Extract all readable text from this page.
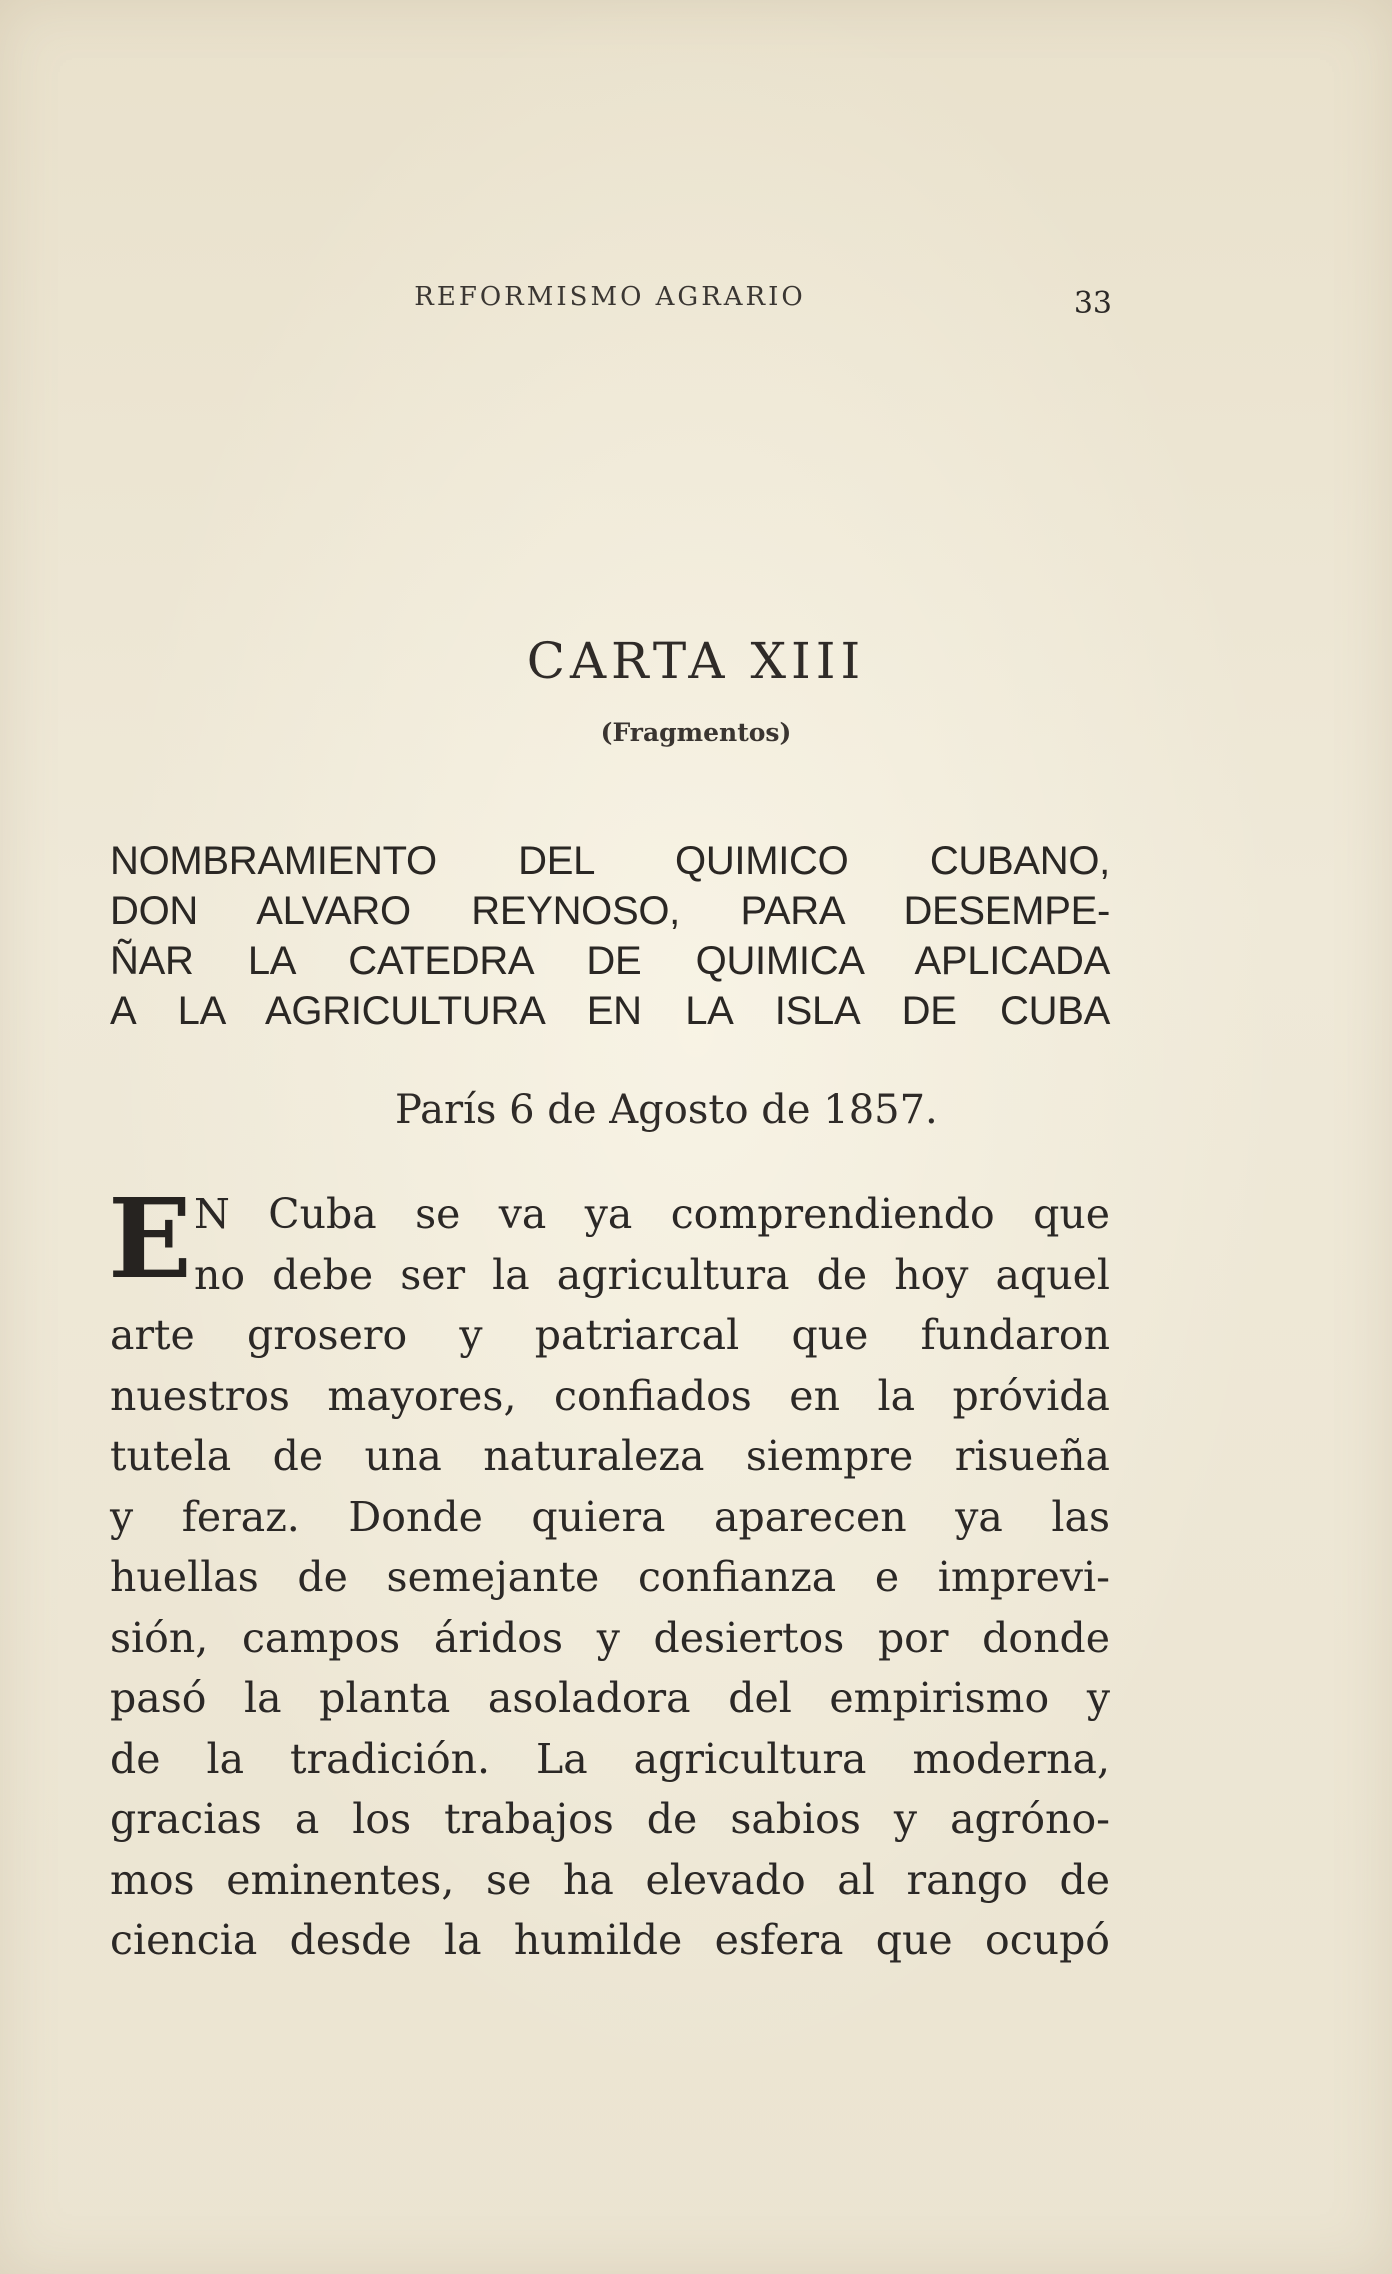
REFORMISMO AGRARIO	33
CARTA XIII
(Fragmentos)
NOMBRAMIENTO DEL QUIMICO CUBANO,
DON ALVARO REYNOSO, PARA DESEMPE-
ÑAR LA CATEDRA DE QUIMICA APLICADA
A LA AGRICULTURA EN LA ISLA DE CUBA
París 6 de Agosto de 1857.
E N Cuba se va ya comprendiendo que
no debe ser la agricultura de hoy aquel
arte grosero y patriarcal que fundaron
nuestros mayores, confiados en la próvida
tutela de una naturaleza siempre risueña
y feraz. Donde quiera aparecen ya las
huellas de semejante confianza e imprevi-
sión, campos áridos y desiertos por donde
pasó la planta asoladora del empirismo y
de la tradición. La agricultura moderna,
gracias a los trabajos de sabios y agróno-
mos eminentes, se ha elevado al rango de
ciencia desde la humilde esfera que ocupó
